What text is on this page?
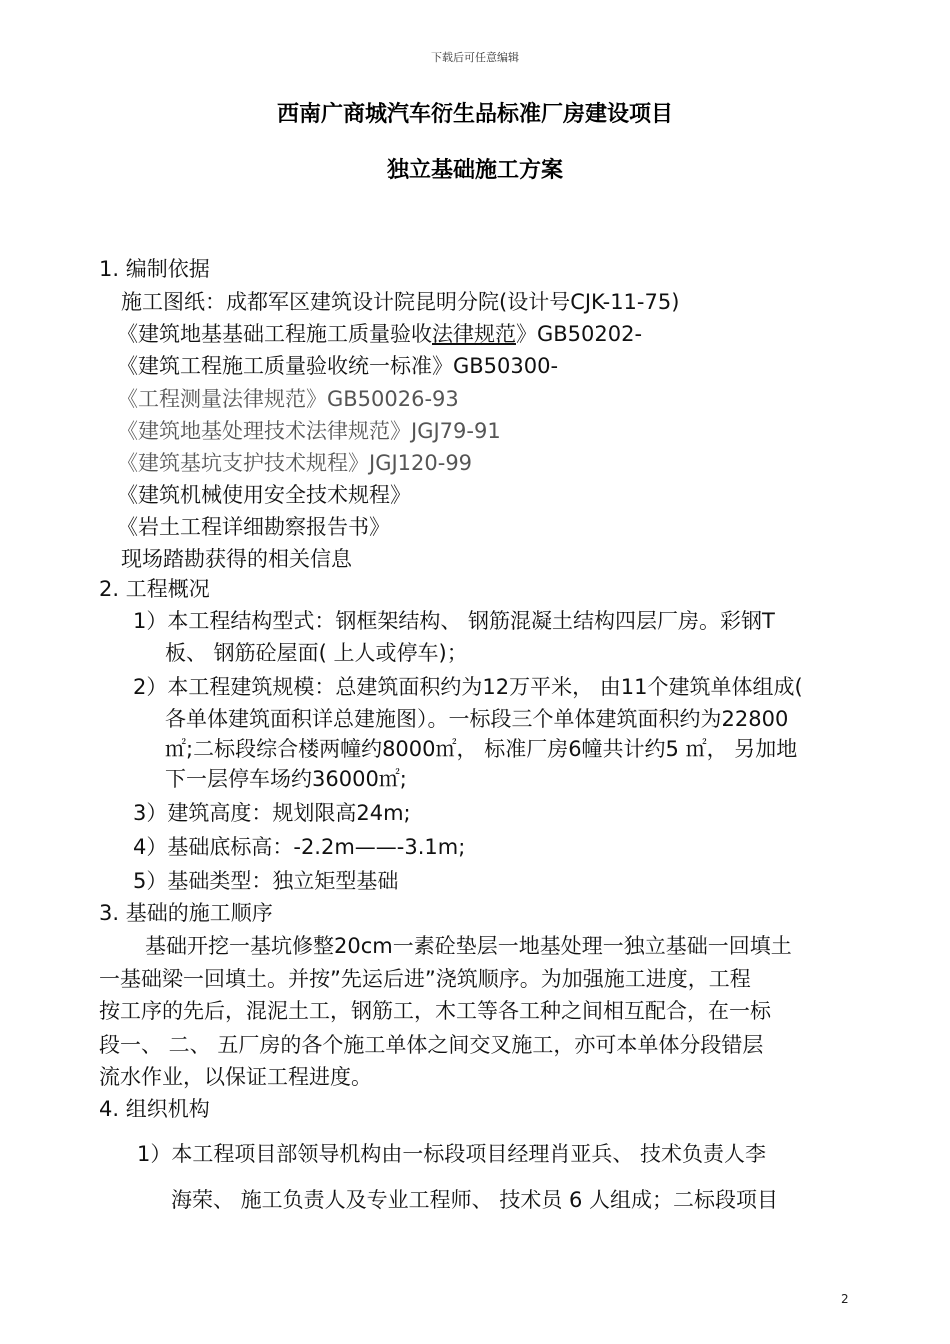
下载后可任意编辑
西南广商城汽车衍生品标准厂房建设项目
独立基础施工方案
1. 编制依据
施工图纸：成都军区建筑设计院昆明分院(设计号CJK-11-75)
《建筑地基基础工程施工质量验收法律规范》GB50202-
《建筑工程施工质量验收统一标准》GB50300-
《工程测量法律规范》GB50026-93
《建筑地基处理技术法律规范》JGJ79-91
《建筑基坑支护技术规程》JGJ120-99
《建筑机械使用安全技术规程》
《岩土工程详细勘察报告书》
现场踏勘获得的相关信息
2. 工程概况
1）本工程结构型式：钢框架结构、 钢筋混凝土结构四层厂房。彩钢T
板、 钢筋砼屋面( 上人或停车)；
2）本工程建筑规模：总建筑面积约为12万平米， 由11个建筑单体组成(
各单体建筑面积详总建施图）。一标段三个单体建筑面积约为22800
㎡;二标段综合楼两幢约8000㎡， 标准厂房6幢共计约5 ㎡， 另加地
下一层停车场约36000㎡;
3）建筑高度：规划限高24m;
4）基础底标高：-2.2m——-3.1m;
5）基础类型：独立矩型基础
3. 基础的施工顺序
基础开挖一基坑修整20cm一素砼垫层一地基处理一独立基础一回填土
一基础梁一回填土。并按”先运后进”浇筑顺序。为加强施工进度，工程
按工序的先后，混泥土工，钢筋工，木工等各工种之间相互配合，在一标
段一、 二、 五厂房的各个施工单体之间交叉施工，亦可本单体分段错层
流水作业，以保证工程进度。
4. 组织机构
1）本工程项目部领导机构由一标段项目经理肖亚兵、 技术负责人李
海荣、 施工负责人及专业工程师、 技术员 6 人组成；二标段项目
2
